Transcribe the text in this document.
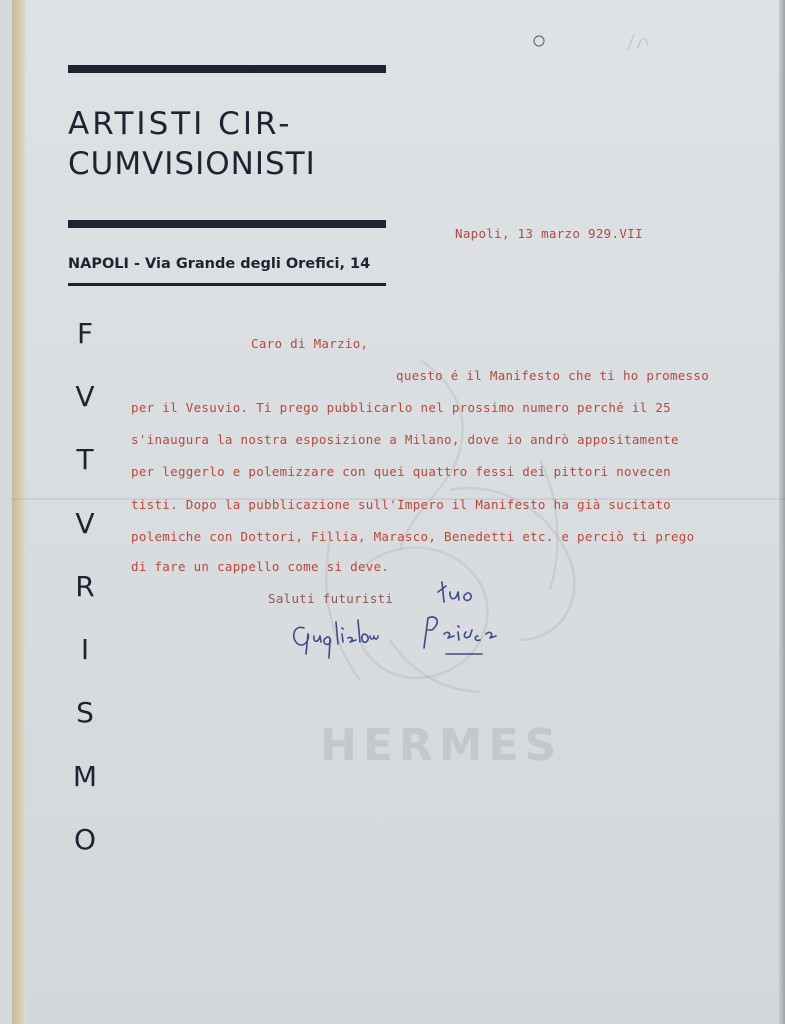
ARTISTI CIR-
CUMVISIONISTI
NAPOLI - Via Grande degli Orefici, 14
F
V
T
V
R
I
S
M
O
HERMES
Napoli, 13 marzo 929.VII
Caro di Marzio,
questo é il Manifesto che ti ho promesso
per il Vesuvio. Ti prego pubblicarlo nel prossimo numero perché il 25
s'inaugura la nostra esposizione a Milano, dove io andrò appositamente
per leggerlo e polemizzare con quei quattro fessi dei pittori novecen
tisti. Dopo la pubblicazione sull'Impero il Manifesto ha già sucitato
polemiche con Dottori, Fillia, Marasco, Benedetti etc. e perciò ti prego
di fare un cappello come si deve.
Saluti futuristi
